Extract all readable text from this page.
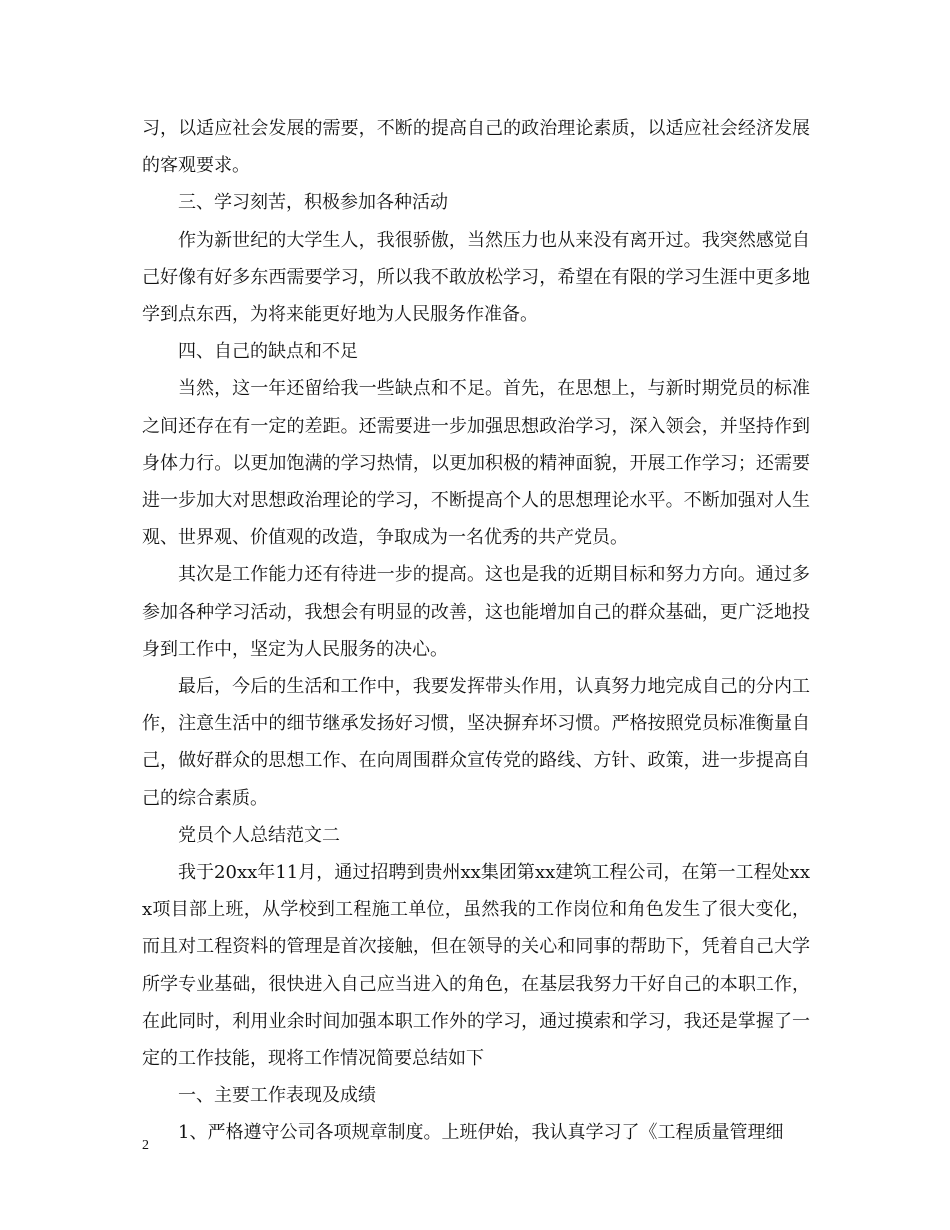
习，以适应社会发展的需要，不断的提高自己的政治理论素质，以适应社会经济发展的客观要求。

三、学习刻苦，积极参加各种活动

作为新世纪的大学生人，我很骄傲，当然压力也从来没有离开过。我突然感觉自己好像有好多东西需要学习，所以我不敢放松学习，希望在有限的学习生涯中更多地学到点东西，为将来能更好地为人民服务作准备。

四、自己的缺点和不足

当然，这一年还留给我一些缺点和不足。首先，在思想上，与新时期党员的标准之间还存在有一定的差距。还需要进一步加强思想政治学习，深入领会，并坚持作到身体力行。以更加饱满的学习热情，以更加积极的精神面貌，开展工作学习；还需要进一步加大对思想政治理论的学习，不断提高个人的思想理论水平。不断加强对人生观、世界观、价值观的改造，争取成为一名优秀的共产党员。

其次是工作能力还有待进一步的提高。这也是我的近期目标和努力方向。通过多参加各种学习活动，我想会有明显的改善，这也能增加自己的群众基础，更广泛地投身到工作中，坚定为人民服务的决心。

最后，今后的生活和工作中，我要发挥带头作用，认真努力地完成自己的分内工作，注意生活中的细节继承发扬好习惯，坚决摒弃坏习惯。严格按照党员标准衡量自己，做好群众的思想工作、在向周围群众宣传党的路线、方针、政策，进一步提高自己的综合素质。

党员个人总结范文二

我于20xx年11月，通过招聘到贵州xx集团第xx建筑工程公司，在第一工程处xxx项目部上班，从学校到工程施工单位，虽然我的工作岗位和角色发生了很大变化，而且对工程资料的管理是首次接触，但在领导的关心和同事的帮助下，凭着自己大学所学专业基础，很快进入自己应当进入的角色，在基层我努力干好自己的本职工作，在此同时，利用业余时间加强本职工作外的学习，通过摸索和学习，我还是掌握了一定的工作技能，现将工作情况简要总结如下

一、主要工作表现及成绩

1、严格遵守公司各项规章制度。上班伊始，我认真学习了《工程质量管理细

2
